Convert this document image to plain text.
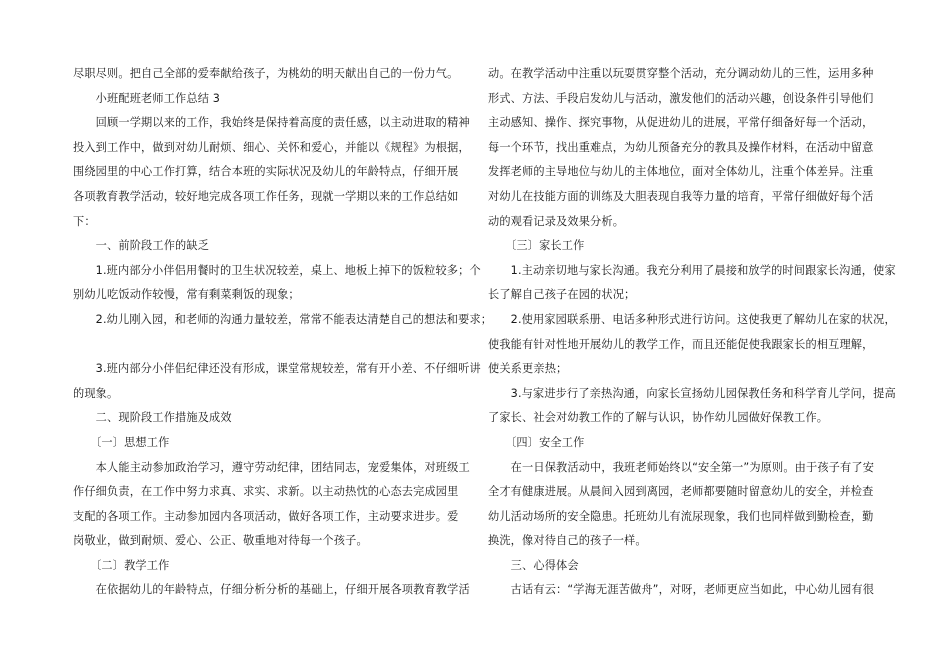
尽职尽则。把自己全部的爱奉献给孩子，为桃幼的明天献出自己的一份力气。
　　小班配班老师工作总结 3
　　回顾一学期以来的工作，我始终是保持着高度的责任感，以主动进取的精神
投入到工作中，做到对幼儿耐烦、细心、关怀和爱心，并能以《规程》为根据，
围绕园里的中心工作打算，结合本班的实际状况及幼儿的年龄特点，仔细开展
各项教育教学活动，较好地完成各项工作任务，现就一学期以来的工作总结如
下：
　　一、前阶段工作的缺乏
　　1.班内部分小伴侣用餐时的卫生状况较差，桌上、地板上掉下的饭粒较多；个
别幼儿吃饭动作较慢，常有剩菜剩饭的现象；
　　2.幼儿刚入园，和老师的沟通力量较差，常常不能表达清楚自己的想法和要求；
　　3.班内部分小伴侣纪律还没有形成，课堂常规较差，常有开小差、不仔细听讲
的现象。
　　二、现阶段工作措施及成效
　　〔一〕思想工作
　　本人能主动参加政治学习，遵守劳动纪律，团结同志，宠爱集体，对班级工
作仔细负责，在工作中努力求真、求实、求新。以主动热忱的心态去完成园里
支配的各项工作。主动参加园内各项活动，做好各项工作，主动要求进步。爱
岗敬业，做到耐烦、爱心、公正、敬重地对待每一个孩子。
　　〔二〕教学工作
　　在依据幼儿的年龄特点，仔细分析分析的基础上，仔细开展各项教育教学活
动。在教学活动中注重以玩耍贯穿整个活动，充分调动幼儿的三性，运用多种
形式、方法、手段启发幼儿与活动，激发他们的活动兴趣，创设条件引导他们
主动感知、操作、探究事物，从促进幼儿的进展，平常仔细备好每一个活动，
每一个环节，找出重难点，为幼儿预备充分的教具及操作材料，在活动中留意
发挥老师的主导地位与幼儿的主体地位，面对全体幼儿，注重个体差异。注重
对幼儿在技能方面的训练及大胆表现自我等力量的培育，平常仔细做好每个活
动的观看记录及效果分析。
　　〔三〕家长工作
　　1.主动亲切地与家长沟通。我充分利用了晨接和放学的时间跟家长沟通，使家
长了解自己孩子在园的状况；
　　2.使用家园联系册、电话多种形式进行访问。这使我更了解幼儿在家的状况，
使我能有针对性地开展幼儿的教学工作，而且还能促使我跟家长的相互理解，
使关系更亲热；
　　3.与家进步行了亲热沟通，向家长宣扬幼儿园保教任务和科学育儿学问，提高
了家长、社会对幼教工作的了解与认识，协作幼儿园做好保教工作。
　　〔四〕安全工作
　　在一日保教活动中，我班老师始终以“安全第一”为原则。由于孩子有了安
全才有健康进展。从晨间入园到离园，老师都要随时留意幼儿的安全，并检查
幼儿活动场所的安全隐患。托班幼儿有流尿现象，我们也同样做到勤检查，勤
换洗，像对待自己的孩子一样。
　　三、心得体会
　　古话有云：“学海无涯苦做舟”，对呀，老师更应当如此，中心幼儿园有很
